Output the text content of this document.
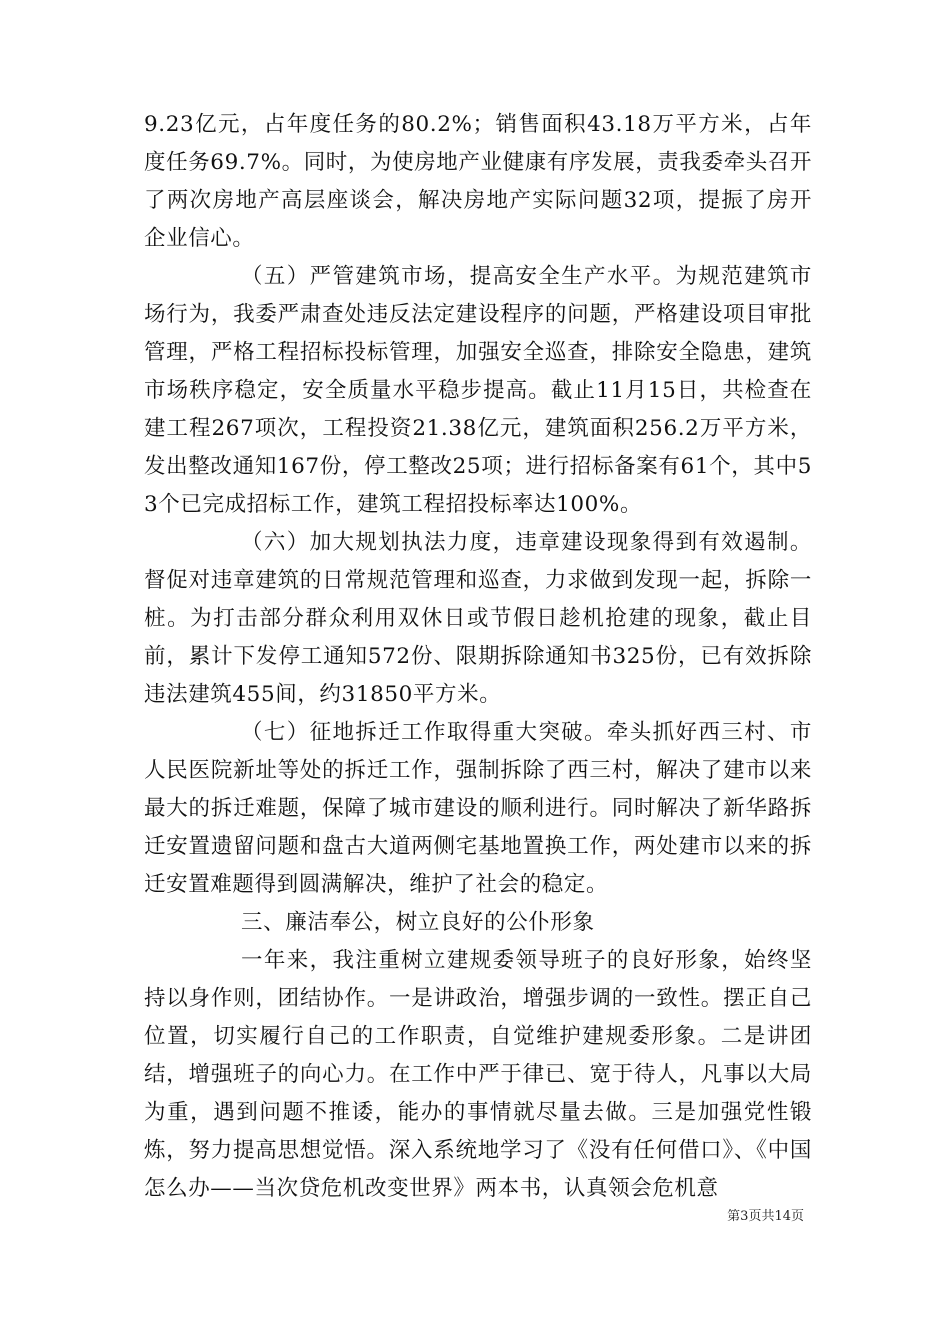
9.23亿元，占年度任务的80.2%；销售面积43.18万平方米，占年度任务69.7%。同时，为使房地产业健康有序发展，责我委牵头召开了两次房地产高层座谈会，解决房地产实际问题32项，提振了房开企业信心。

（五）严管建筑市场，提高安全生产水平。为规范建筑市场行为，我委严肃查处违反法定建设程序的问题，严格建设项目审批管理，严格工程招标投标管理，加强安全巡查，排除安全隐患，建筑市场秩序稳定，安全质量水平稳步提高。截止11月15日，共检查在建工程267项次，工程投资21.38亿元，建筑面积256.2万平方米，发出整改通知167份，停工整改25项；进行招标备案有61个，其中53个已完成招标工作，建筑工程招投标率达100%。

（六）加大规划执法力度，违章建设现象得到有效遏制。督促对违章建筑的日常规范管理和巡查，力求做到发现一起，拆除一桩。为打击部分群众利用双休日或节假日趁机抢建的现象，截止目前，累计下发停工通知572份、限期拆除通知书325份，已有效拆除违法建筑455间，约31850平方米。

（七）征地拆迁工作取得重大突破。牵头抓好西三村、市人民医院新址等处的拆迁工作，强制拆除了西三村，解决了建市以来最大的拆迁难题，保障了城市建设的顺利进行。同时解决了新华路拆迁安置遗留问题和盘古大道两侧宅基地置换工作，两处建市以来的拆迁安置难题得到圆满解决，维护了社会的稳定。

三、廉洁奉公，树立良好的公仆形象

一年来，我注重树立建规委领导班子的良好形象，始终坚持以身作则，团结协作。一是讲政治，增强步调的一致性。摆正自己位置，切实履行自己的工作职责，自觉维护建规委形象。二是讲团结，增强班子的向心力。在工作中严于律已、宽于待人，凡事以大局为重，遇到问题不推诿，能办的事情就尽量去做。三是加强党性锻炼，努力提高思想觉悟。深入系统地学习了《没有任何借口》、《中国怎么办——当次贷危机改变世界》两本书，认真领会危机意

第3页共14页
